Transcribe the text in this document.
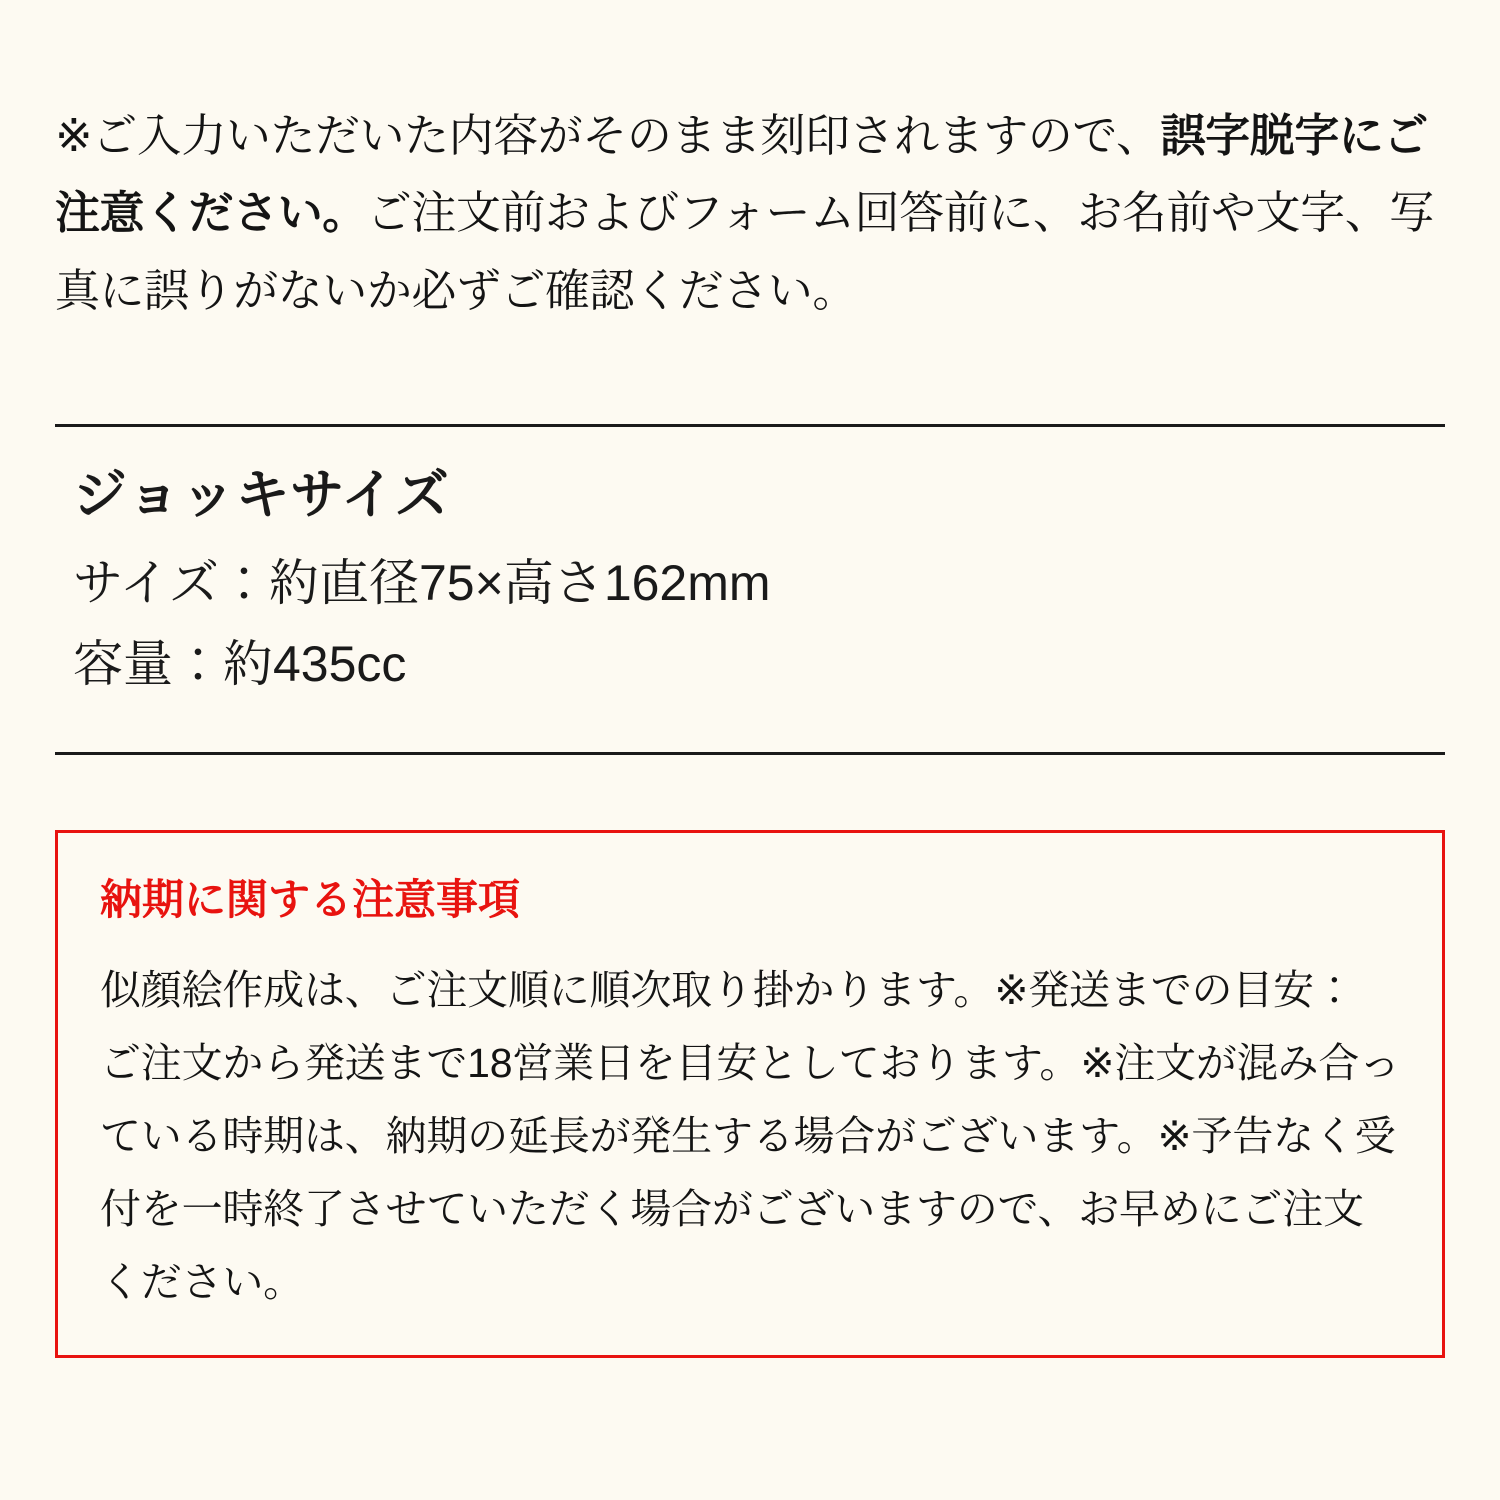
※ご入力いただいた内容がそのまま刻印されますので、誤字脱字にご注意ください。ご注文前およびフォーム回答前に、お名前や文字、写真に誤りがないか必ずご確認ください。

ジョッキサイズ

サイズ：約直径75×高さ162mm

容量：約435cc

納期に関する注意事項

似顔絵作成は、ご注文順に順次取り掛かります。※発送までの目安： ご注文から発送まで18営業日を目安としております。※注文が混み合っている時期は、納期の延長が発生する場合がございます。※予告なく受付を一時終了させていただく場合がございますので、お早めにご注文ください。
